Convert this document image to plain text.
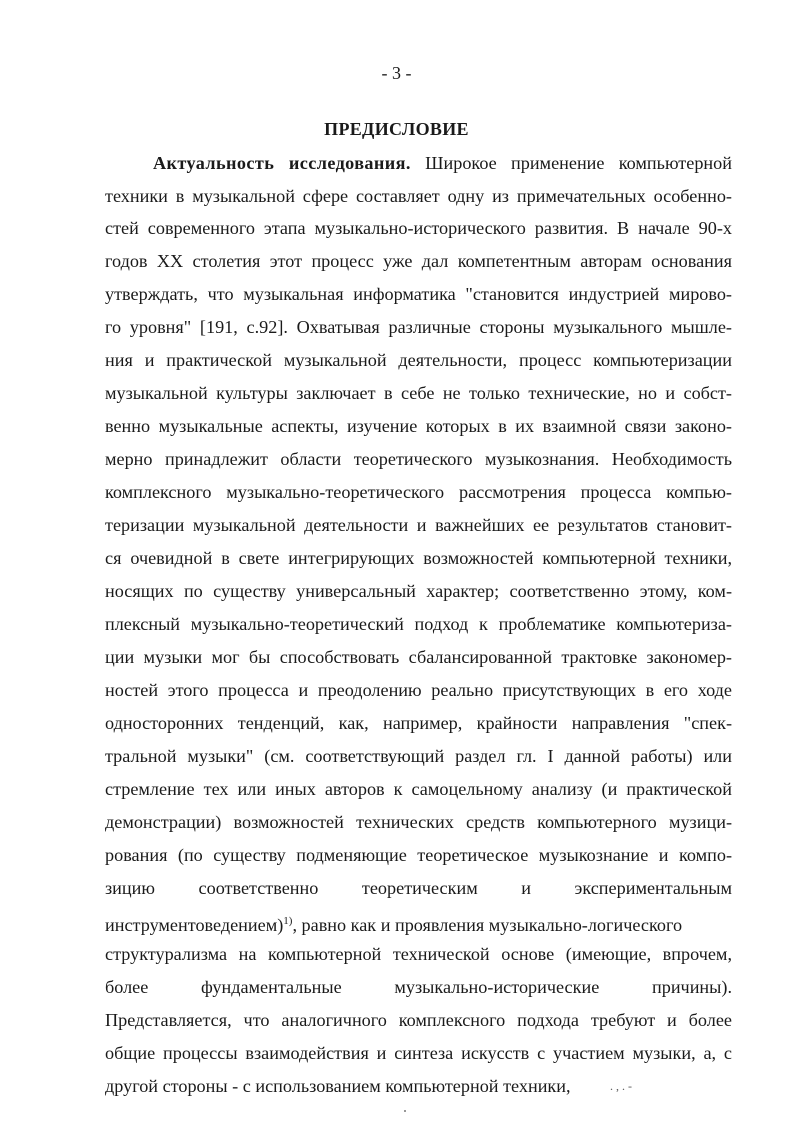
- 3 -
ПРЕДИСЛОВИЕ
Актуальность исследования. Широкое применение компьютерной
техники в музыкальной сфере составляет одну из примечательных особенно-
стей современного этапа музыкально-исторического развития. В начале 90-х
годов XX столетия этот процесс уже дал компетентным авторам основания
утверждать, что музыкальная информатика "становится индустрией мирово-
го уровня" [191, с.92]. Охватывая различные стороны музыкального мышле-
ния и практической музыкальной деятельности, процесс компьютеризации
музыкальной культуры заключает в себе не только технические, но и собст-
венно музыкальные аспекты, изучение которых в их взаимной связи законо-
мерно принадлежит области теоретического музыкознания. Необходимость
комплексного музыкально-теоретического рассмотрения процесса компью-
теризации музыкальной деятельности и важнейших ее результатов становит-
ся очевидной в свете интегрирующих возможностей компьютерной техники,
носящих по существу универсальный характер; соответственно этому, ком-
плексный музыкально-теоретический подход к проблематике компьютериза-
ции музыки мог бы способствовать сбалансированной трактовке закономер-
ностей этого процесса и преодолению реально присутствующих в его ходе
односторонних тенденций, как, например, крайности направления "спек-
тральной музыки" (см. соответствующий раздел гл. I данной работы) или
стремление тех или иных авторов к самоцельному анализу (и практической
демонстрации) возможностей технических средств компьютерного музици-
рования (по существу подменяющие теоретическое музыкознание и компо-
зицию соответственно теоретическим и экспериментальным
инструментоведением)$^{1)}$, равно как и проявления музыкально-логического
структурализма на компьютерной технической основе (имеющие, впрочем,
более фундаментальные музыкально-исторические причины).
Представляется, что аналогичного комплексного подхода требуют и более
общие процессы взаимодействия и синтеза искусств с участием музыки, а, с
другой стороны - с использованием компьютерной техники,	. , . -
